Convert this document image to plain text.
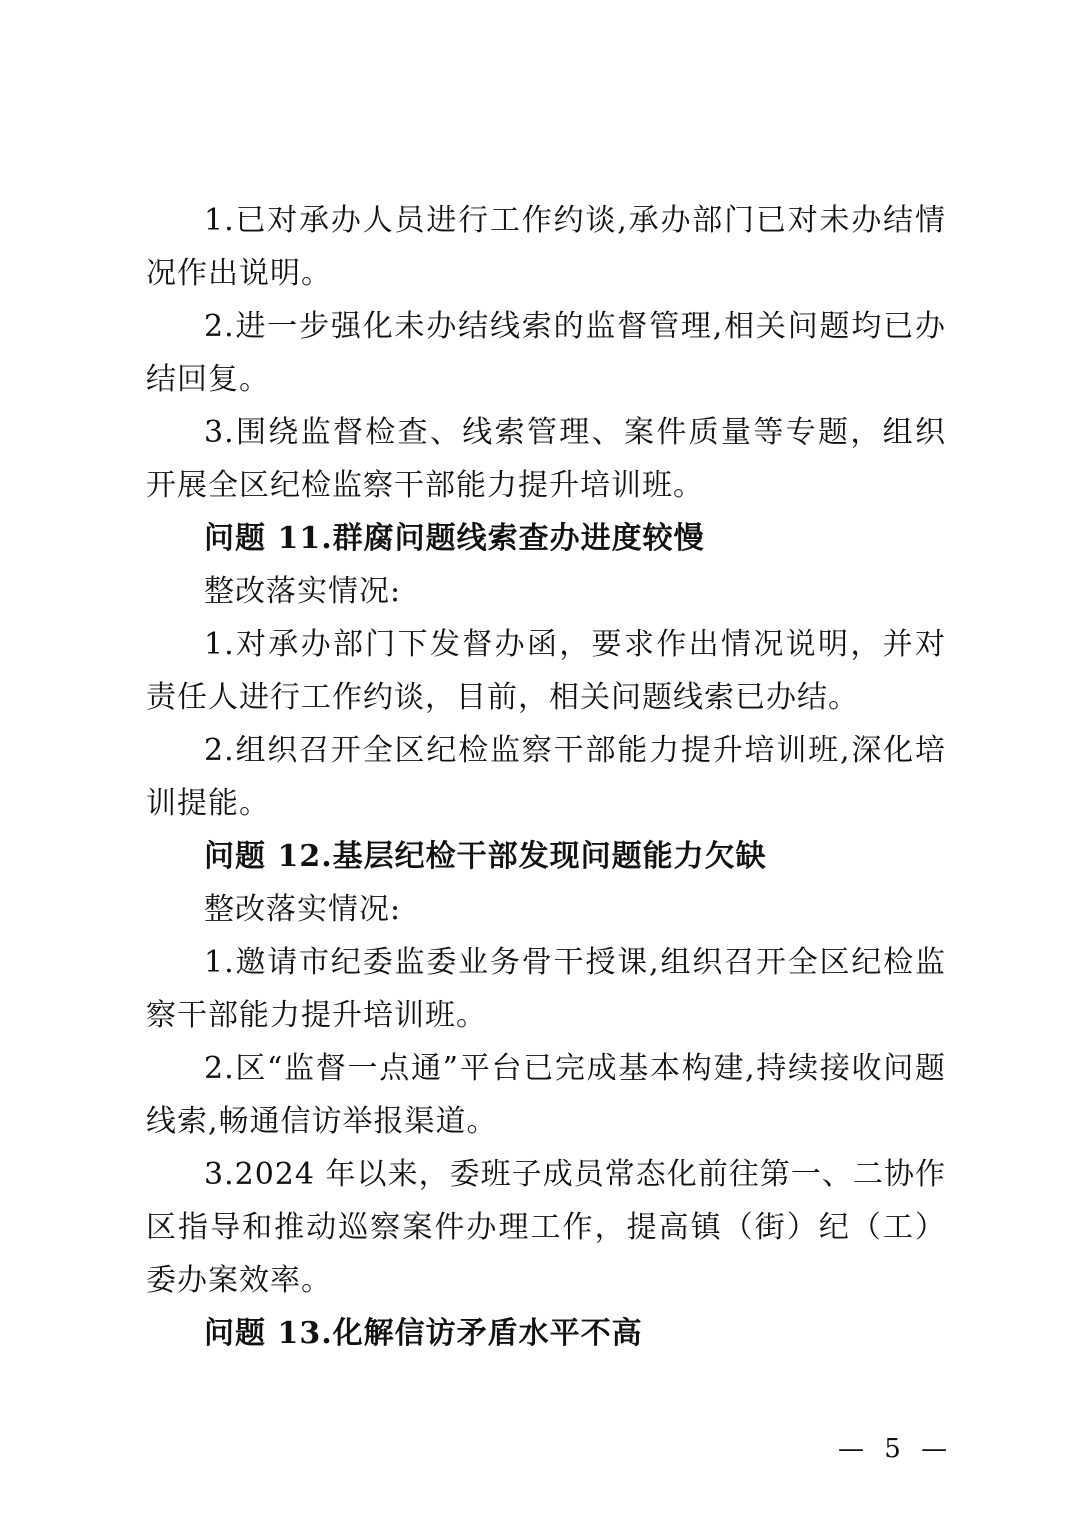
1.已对承办人员进行工作约谈,承办部门已对未办结情况作出说明。

2.进一步强化未办结线索的监督管理,相关问题均已办结回复。

3.围绕监督检查、线索管理、案件质量等专题，组织开展全区纪检监察干部能力提升培训班。

问题 11.群腐问题线索查办进度较慢

整改落实情况:

1.对承办部门下发督办函，要求作出情况说明，并对责任人进行工作约谈，目前，相关问题线索已办结。

2.组织召开全区纪检监察干部能力提升培训班,深化培训提能。

问题 12.基层纪检干部发现问题能力欠缺

整改落实情况:

1.邀请市纪委监委业务骨干授课,组织召开全区纪检监察干部能力提升培训班。

2.区“监督一点通”平台已完成基本构建,持续接收问题线索,畅通信访举报渠道。

3.2024 年以来，委班子成员常态化前往第一、二协作区指导和推动巡察案件办理工作，提高镇（街）纪（工）委办案效率。

问题 13.化解信访矛盾水平不高

— 5 —
